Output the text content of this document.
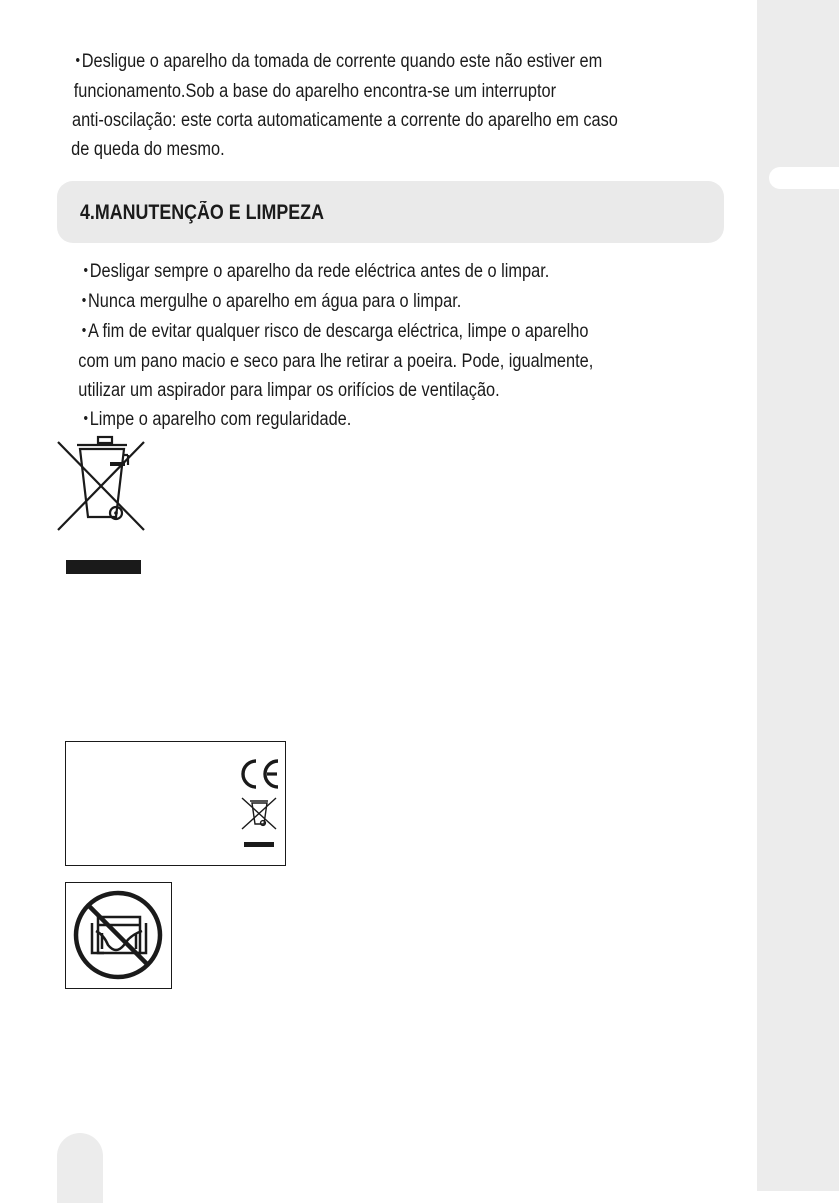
•Desligue o aparelho da tomada de corrente quando este não estiver em
funcionamento.Sob a base do aparelho encontra-se um interruptor
anti-oscilação: este corta automaticamente a corrente do aparelho em caso
de queda do mesmo.
4.MANUTENÇÃO E LIMPEZA
•Desligar sempre o aparelho da rede eléctrica antes de o limpar.
•Nunca mergulhe o aparelho em água para o limpar.
•A fim de evitar qualquer risco de descarga eléctrica, limpe o aparelho
com um pano macio e seco para lhe retirar a poeira. Pode, igualmente,
utilizar um aspirador para limpar os orifícios de ventilação.
•Limpe o aparelho com regularidade.
